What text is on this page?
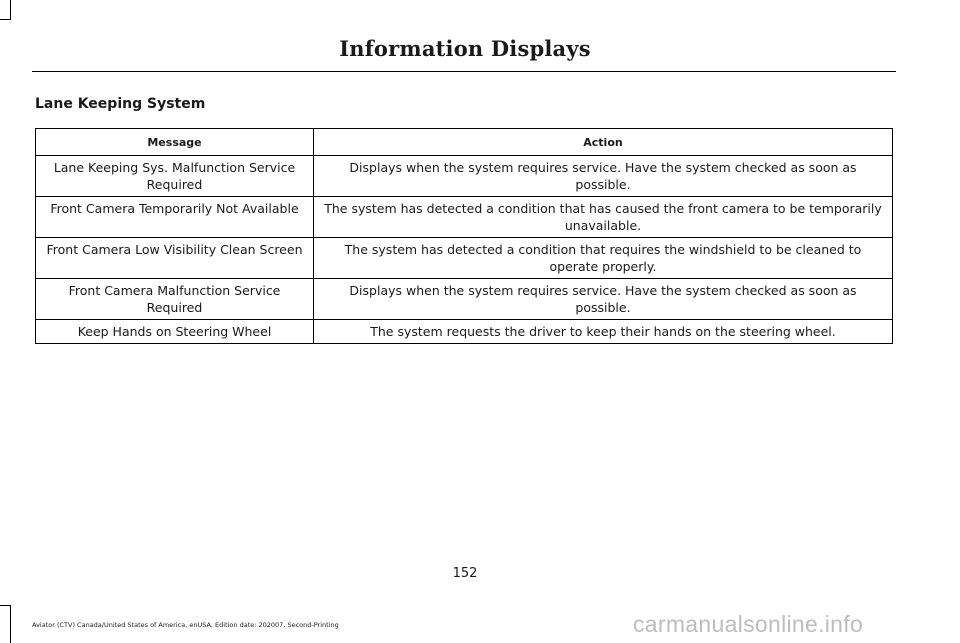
Information Displays
Lane Keeping System
Message	Action
Lane Keeping Sys. Malfunction Service Required	Displays when the system requires service. Have the system checked as soon as possible.
Front Camera Temporarily Not Available	The system has detected a condition that has caused the front camera to be temporarily unavailable.
Front Camera Low Visibility Clean Screen	The system has detected a condition that requires the windshield to be cleaned to operate properly.
Front Camera Malfunction Service Required	Displays when the system requires service. Have the system checked as soon as possible.
Keep Hands on Steering Wheel	The system requests the driver to keep their hands on the steering wheel.
152
Aviator (CTV) Canada/United States of America, enUSA, Edition date: 202007, Second-Printing	carmanualsonline.info
